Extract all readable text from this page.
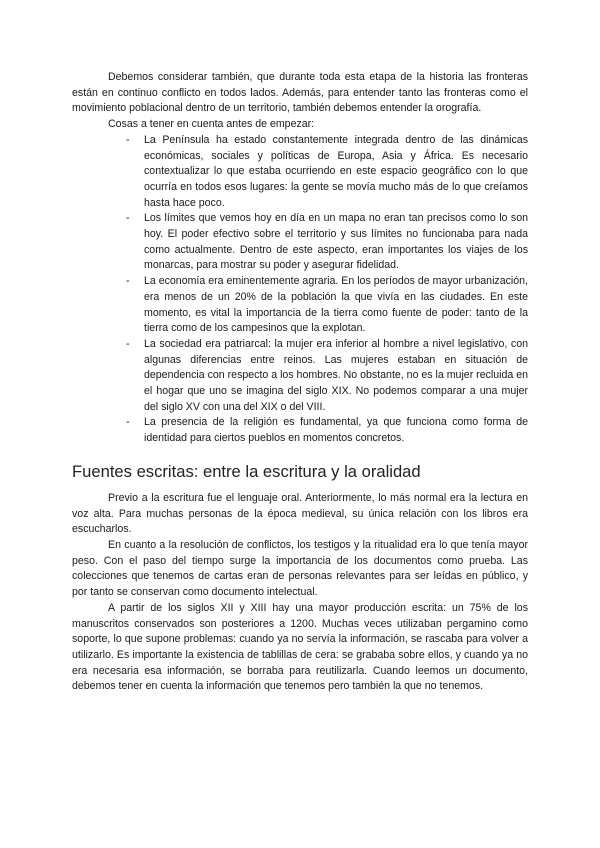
Debemos considerar también, que durante toda esta etapa de la historia las fronteras están en continuo conflicto en todos lados. Además, para entender tanto las fronteras como el movimiento poblacional dentro de un territorio, también debemos entender la orografía.

Cosas a tener en cuenta antes de empezar:

- La Península ha estado constantemente integrada dentro de las dinámicas económicas, sociales y políticas de Europa, Asia y África. Es necesario contextualizar lo que estaba ocurriendo en este espacio geográfico con lo que ocurría en todos esos lugares: la gente se movía mucho más de lo que creíamos hasta hace poco.
- Los límites que vemos hoy en día en un mapa no eran tan precisos como lo son hoy. El poder efectivo sobre el territorio y sus límites no funcionaba para nada como actualmente. Dentro de este aspecto, eran importantes los viajes de los monarcas, para mostrar su poder y asegurar fidelidad.
- La economía era eminentemente agraria. En los períodos de mayor urbanización, era menos de un 20% de la población la que vivía en las ciudades. En este momento, es vital la importancia de la tierra como fuente de poder: tanto de la tierra como de los campesinos que la explotan.
- La sociedad era patriarcal: la mujer era inferior al hombre a nivel legislativo, con algunas diferencias entre reinos. Las mujeres estaban en situación de dependencia con respecto a los hombres. No obstante, no es la mujer recluida en el hogar que uno se imagina del siglo XIX. No podemos comparar a una mujer del siglo XV con una del XIX o del VIII.
- La presencia de la religión es fundamental, ya que funciona como forma de identidad para ciertos pueblos en momentos concretos.
Fuentes escritas: entre la escritura y la oralidad

Previo a la escritura fue el lenguaje oral. Anteriormente, lo más normal era la lectura en voz alta. Para muchas personas de la época medieval, su única relación con los libros era escucharlos.

En cuanto a la resolución de conflictos, los testigos y la ritualidad era lo que tenía mayor peso. Con el paso del tiempo surge la importancia de los documentos como prueba. Las colecciones que tenemos de cartas eran de personas relevantes para ser leídas en público, y por tanto se conservan como documento intelectual.

A partir de los siglos XII y XIII hay una mayor producción escrita: un 75% de los manuscritos conservados son posteriores a 1200. Muchas veces utilizaban pergamino como soporte, lo que supone problemas: cuando ya no servía la información, se rascaba para volver a utilizarlo. Es importante la existencia de tablillas de cera: se grababa sobre ellos, y cuando ya no era necesaria esa información, se borraba para reutilizarla. Cuando leemos un documento, debemos tener en cuenta la información que tenemos pero también la que no tenemos.
